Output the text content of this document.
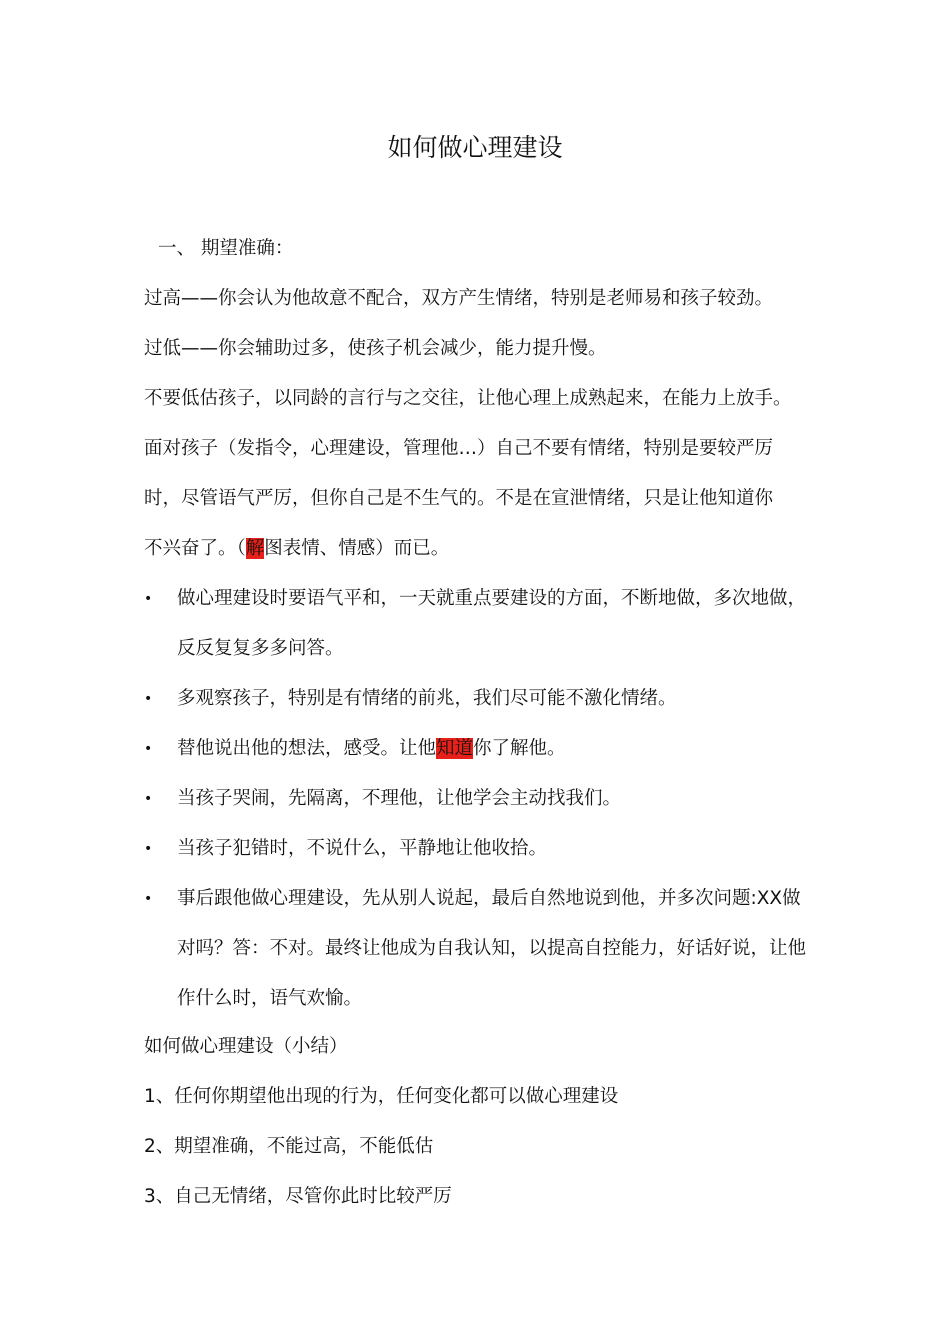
如何做心理建设
一、 期望准确：
过高——你会认为他故意不配合，双方产生情绪，特别是老师易和孩子较劲。
过低——你会辅助过多，使孩子机会减少，能力提升慢。
不要低估孩子，以同龄的言行与之交往，让他心理上成熟起来，在能力上放手。
面对孩子（发指令，心理建设，管理他…）自己不要有情绪，特别是要较严厉
时，尽管语气严厉，但你自己是不生气的。不是在宣泄情绪，只是让他知道你
不兴奋了。（解图表情、情感）而已。
• 做心理建设时要语气平和，一天就重点要建设的方面，不断地做，多次地做，反反复复多多问答。
• 多观察孩子，特别是有情绪的前兆，我们尽可能不激化情绪。
• 替他说出他的想法，感受。让他知道你了解他。
• 当孩子哭闹，先隔离，不理他，让他学会主动找我们。
• 当孩子犯错时，不说什么，平静地让他收拾。
• 事后跟他做心理建设，先从别人说起，最后自然地说到他，并多次问题:XX做对吗？答：不对。最终让他成为自我认知，以提高自控能力，好话好说，让他作什么时，语气欢愉。
如何做心理建设（小结）
1、任何你期望他出现的行为，任何变化都可以做心理建设
2、期望准确，不能过高，不能低估
3、自己无情绪，尽管你此时比较严厉
